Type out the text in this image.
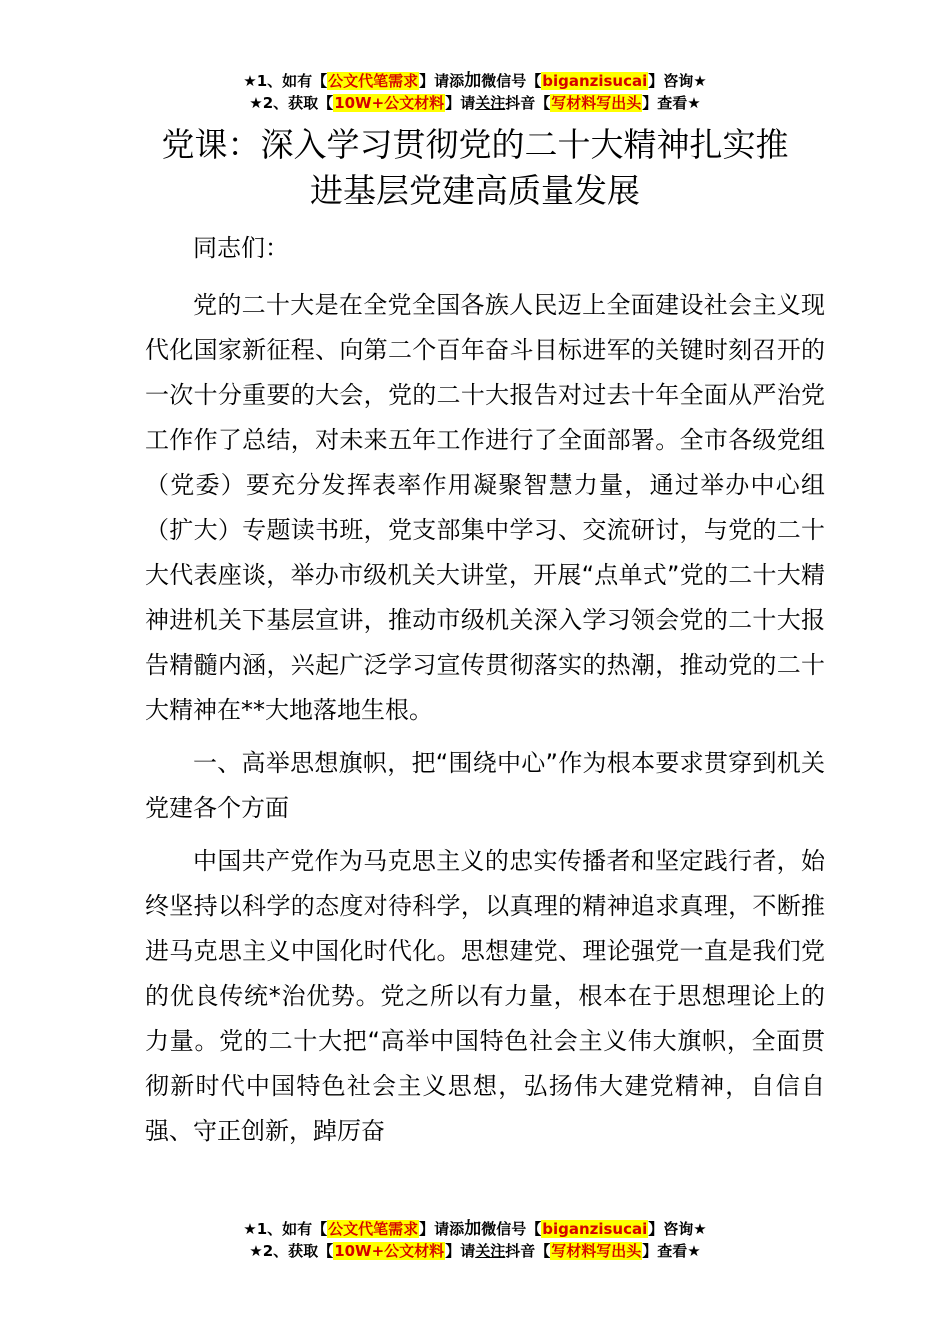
★1、如有【公文代笔需求】请添加微信号【biganzisucai】咨询★
★2、获取【10W+公文材料】请关注抖音【写材料写出头】查看★
党课：深入学习贯彻党的二十大精神扎实推
进基层党建高质量发展

同志们：

党的二十大是在全党全国各族人民迈上全面建设社会主义现代化国家新征程、向第二个百年奋斗目标进军的关键时刻召开的一次十分重要的大会，党的二十大报告对过去十年全面从严治党工作作了总结，对未来五年工作进行了全面部署。全市各级党组（党委）要充分发挥表率作用凝聚智慧力量，通过举办中心组（扩大）专题读书班，党支部集中学习、交流研讨，与党的二十大代表座谈，举办市级机关大讲堂，开展“点单式”党的二十大精神进机关下基层宣讲，推动市级机关深入学习领会党的二十大报告精髓内涵，兴起广泛学习宣传贯彻落实的热潮，推动党的二十大精神在**大地落地生根。

一、高举思想旗帜，把“围绕中心”作为根本要求贯穿到机关党建各个方面

中国共产党作为马克思主义的忠实传播者和坚定践行者，始终坚持以科学的态度对待科学，以真理的精神追求真理，不断推进马克思主义中国化时代化。思想建党、理论强党一直是我们党的优良传统*治优势。党之所以有力量，根本在于思想理论上的力量。党的二十大把“高举中国特色社会主义伟大旗帜，全面贯彻新时代中国特色社会主义思想，弘扬伟大建党精神，自信自强、守正创新，踔厉奋

★1、如有【公文代笔需求】请添加微信号【biganzisucai】咨询★
★2、获取【10W+公文材料】请关注抖音【写材料写出头】查看★
